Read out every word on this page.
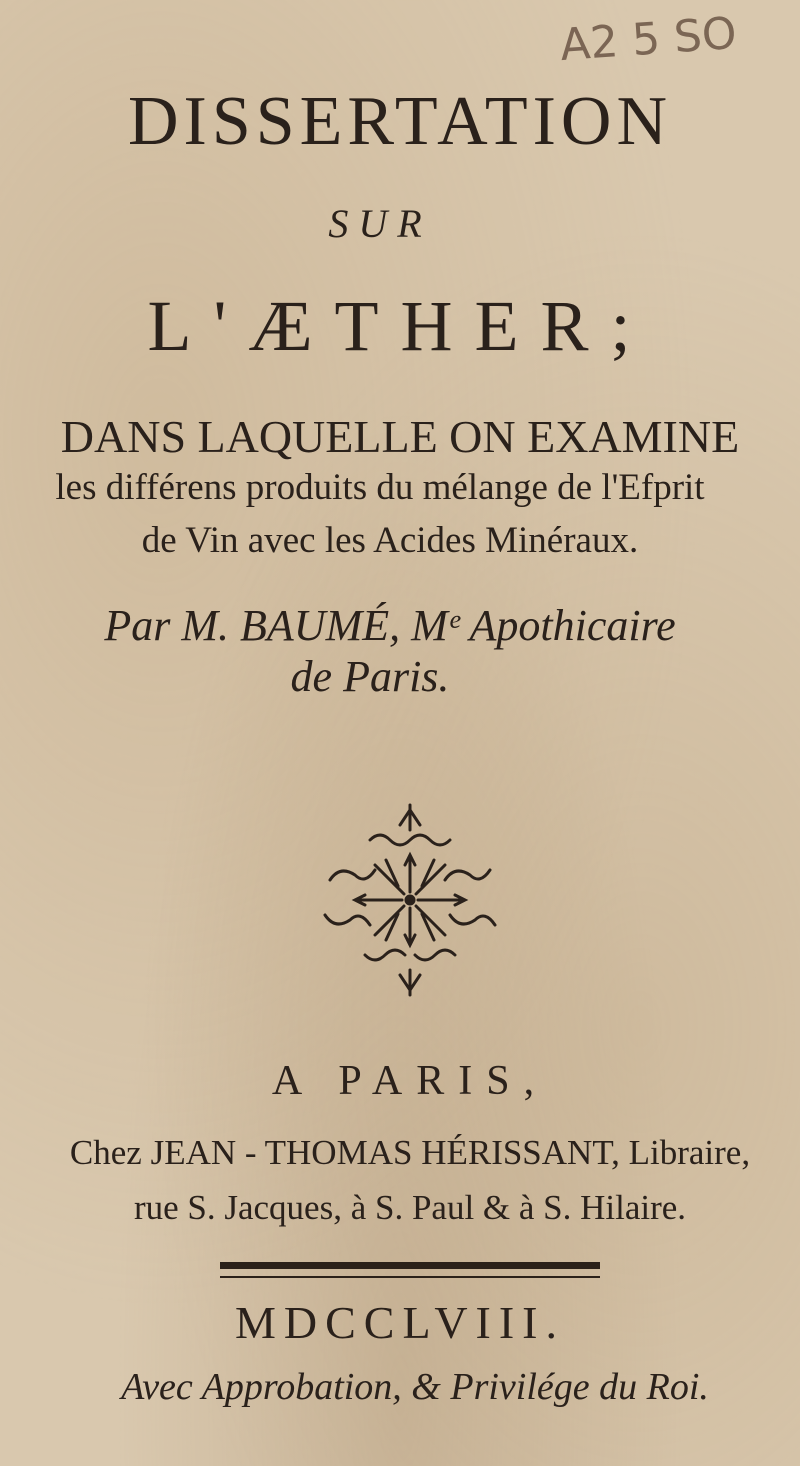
A2 5 SO
DISSERTATION
SUR
L'ÆTHER;
DANS LAQUELLE ON EXAMINE
les différens produits du mélange de l'Efprit
de Vin avec les Acides Minéraux.
Par M. BAUMÉ, Mᵉ Apothicaire
de Paris.
A PARIS,
Chez JEAN - THOMAS HÉRISSANT, Libraire,
rue S. Jacques, à S. Paul & à S. Hilaire.
MDCCLVIII.
Avec Approbation, & Privilége du Roi.
